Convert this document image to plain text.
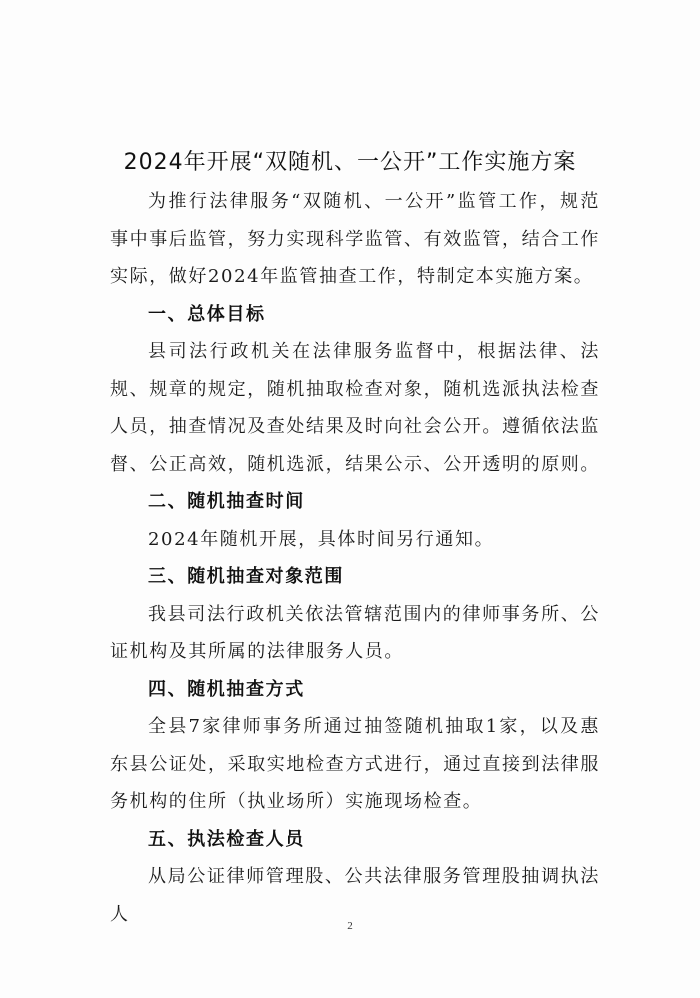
2024年开展“双随机、一公开”工作实施方案

为推行法律服务“双随机、一公开”监管工作，规范事中事后监管，努力实现科学监管、有效监管，结合工作实际，做好2024年监管抽查工作，特制定本实施方案。

一、总体目标

县司法行政机关在法律服务监督中，根据法律、法规、规章的规定，随机抽取检查对象，随机选派执法检查人员，抽查情况及查处结果及时向社会公开。遵循依法监督、公正高效，随机选派，结果公示、公开透明的原则。

二、随机抽查时间

2024年随机开展，具体时间另行通知。

三、随机抽查对象范围

我县司法行政机关依法管辖范围内的律师事务所、公证机构及其所属的法律服务人员。

四、随机抽查方式

全县7家律师事务所通过抽签随机抽取1家，以及惠东县公证处，采取实地检查方式进行，通过直接到法律服务机构的住所（执业场所）实施现场检查。

五、执法检查人员

从局公证律师管理股、公共法律服务管理股抽调执法人

2
